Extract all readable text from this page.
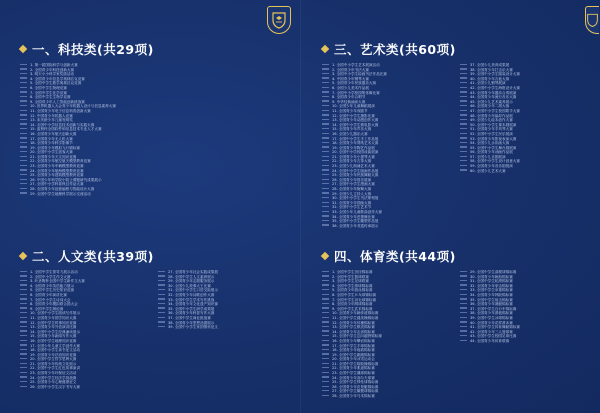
一、科技类(共29项)
1. 第一届国际科学与创新大赛
2. 全国青少年科技创新大赛
3. 明天小小科学家奖励活动
4. 全国青少年信息学奥林匹克竞赛
5. 全国中学生数学奥林匹克竞赛
6. 全国中学生物理竞赛
7. 全国中学生化学竞赛
8. 全国中学生生物学竞赛
9. 全国青少年人工智能创新挑战赛
10. 世界机器人大会青少年机器人设计与信息素养大赛
11. 全国青少年电子信息科普创新大赛
12. 中国青少年机器人竞赛
13. 宋庆龄少年儿童发明奖
14. 全国中小学信息技术创新与实践大赛
15. 蓝桥杯全国软件和信息技术专业人才大赛
16. 全国青少年航天创新大赛
17. 全国青少年无人机大赛
18. 全国青少年科学影像节
19. 全国青少年模拟飞行锦标赛
20. 全国中小学生创客大赛
21. 全国青少年天文知识竞赛
22. 全国青少年航空航天模型教育竞赛
23. 全国青少年车辆模型教育竞赛
24. 全国青少年航海模型教育竞赛
25. 全国青少年建筑模型教育竞赛
26. 中国少年科学院小院士课题研究成果展示
27. 全国中小学科普科幻作品大赛
28. 全国青少年创意编程与智能设计大赛
29. 全国中学生地理科学展示交流活动
二、人文类(共39项)
1. 全国中学生领导力展示活动
2. 全国中小学生作文大赛
3. 叶圣陶杯全国中学生新作文大赛
4. 全国青少年英语能力展示
5. 全国中学生历史知识竞赛
6. 全国青少年演讲比赛
7. 全国中小学生诗词大会
8. 全国青少年模拟联合国大会
9. 全国中学生辩论赛
10. 全国中小学生阅读写作展示
11. 全国青少年国学知识大赛
12. 全国中学生时事知识竞赛
13. 全国青少年外语演讲比赛
14. 全国中小学生经典诵读展示
15. 全国青少年新闻写作大赛
16. 全国中学生地理知识竞赛
17. 全国少年儿童文学创作大赛
18. 全国中小学生读书征文活动
19. 全国青少年法治知识竞赛
20. 全国中学生哲学思辨大赛
21. 全国青少年传统文化展示
22. 全国中小学生红色故事演讲
23. 全国青少年环保征文活动
24. 全国中学生经济学挑战赛
25. 全国青少年心理健康征文
26. 全国中小学生汉字书写大赛
27. 全国青少年社会实践成果展
28. 全国中学生人文素养展示
29. 全国青少年志愿服务展示
30. 全国少儿故事大王比赛
31. 全国中小学生口语交际展示
32. 全国青少年诗歌创作大赛
33. 全国中学生学术写作挑战
34. 全国青少年文化遗产知识赛
35. 全国中小学生研学成果展
36. 全国青少年科普写作大赛
37. 全国中学生商业挑战赛
38. 全国青少年思想品德展示
39. 全国中小学生家国情怀征文
三、艺术类(共60项)
1. 全国中小学生艺术展演活动
2. 全国青少年书法大赛
3. 全国中小学生绘画书法作品比赛
4. 中国青少年钢琴大赛
5. 全国青少年民族器乐大赛
6. 全国少儿美术作品展
7. 全国中小学校园集体舞比赛
8. 全国青少年合唱节
9. 中华经典诵读大赛
10. 全国少年儿童舞蹈展演
11. 全国青少年戏剧节
12. 全国中小学生摄影比赛
13. 全国青少年动漫创作大赛
14. 全国中小学生微电影大赛
15. 全国青少年声乐大赛
16. 全国少儿器乐大赛
17. 全国中小学生手工作品展
18. 全国青少年剪纸艺术大赛
19. 全国青少年陶艺作品展
20. 全国中小学校园戏曲展演
21. 全国青少年小提琴大赛
22. 全国青少年古筝大赛
23. 全国少儿朗诵艺术大赛
24. 全国中小学生版画作品展
25. 全国青少年民族舞蹈大赛
26. 全国青少年管乐展演
27. 全国中小学生漫画大赛
28. 全国青少年街舞大赛
29. 全国少儿主持人大赛
30. 全国中小学生书法篆刻展
31. 全国青少年国画大赛
32. 全国中小学生艺术节
33. 全国少年儿童歌曲创作大赛
34. 全国青少年芭蕾舞比赛
35. 全国中小学生雕塑作品展
36. 全国青少年非遗传承展示
37. 全国少儿美育成果展
38. 全国青少年打击乐大赛
39. 全国中小学生服装设计大赛
40. 全国青少年吉他大赛
41. 全国少儿钢琴展演
42. 全国中小学生海报设计大赛
43. 全国青少年器乐合奏展演
44. 全国青少年流行音乐大赛
45. 全国少儿艺术素养展示
46. 全国青少年二胡大赛
47. 全国中小学生校园歌手大赛
48. 全国青少年编导作品展
49. 全国少儿绘本创作大赛
50. 全国中小学生课本剧展演
51. 全国青少年手风琴大赛
52. 全国中小学生民乐展演
53. 全国青少年影视表演大赛
54. 全国少儿水彩画大赛
55. 全国中小学生舞台剧展演
56. 全国青少年油画作品展
57. 全国少儿京剧展演
58. 全国中小学生设计创意大赛
59. 全国青少年音乐剧展演
60. 全国少儿艺术大赛
四、体育类(共44项)
1. 全国中学生田径锦标赛
2. 全国中学生篮球联赛
3. 全国中学生足球联赛
4. 全国中学生排球锦标赛
5. 全国青少年游泳锦标赛
6. 全国中学生乒乓球锦标赛
7. 全国中学生羽毛球锦标赛
8. 全国青少年网球锦标赛
9. 全国中学生武术锦标赛
10. 全国青少年跆拳道锦标赛
11. 全国中学生健美操锦标赛
12. 全国青少年体操锦标赛
13. 全国中学生棋类锦标赛
14. 全国青少年击剑锦标赛
15. 全国中学生定向越野锦标赛
16. 全国青少年攀岩锦标赛
17. 全国中学生手球锦标赛
18. 全国青少年射箭锦标赛
19. 全国中学生跳绳锦标赛
20. 全国青少年冰雪运动会
21. 全国中学生啦啦操锦标赛
22. 全国青少年柔道锦标赛
23. 全国中学生毽球锦标赛
24. 全国青少年高尔夫球赛
25. 全国中学生棒垒球锦标赛
26. 全国青少年皮划艇锦标赛
27. 全国中学生橄榄球锦标赛
28. 全国青少年马术锦标赛
29. 全国中学生曲棍球锦标赛
30. 全国青少年帆船锦标赛
31. 全国中学生轮滑锦标赛
32. 全国青少年拳击锦标赛
33. 全国中学生举重锦标赛
34. 全国青少年摔跤锦标赛
35. 全国中学生射击锦标赛
36. 全国青少年赛艇锦标赛
37. 全国中学生自行车锦标赛
38. 全国青少年滑板锦标赛
39. 全国中学生冰球锦标赛
40. 全国青少年花样滑冰赛
41. 全国中学生体育舞蹈锦标赛
42. 全国青少年三人篮球赛
43. 全国中学生校园足球比赛
44. 全国青少年体育联赛
